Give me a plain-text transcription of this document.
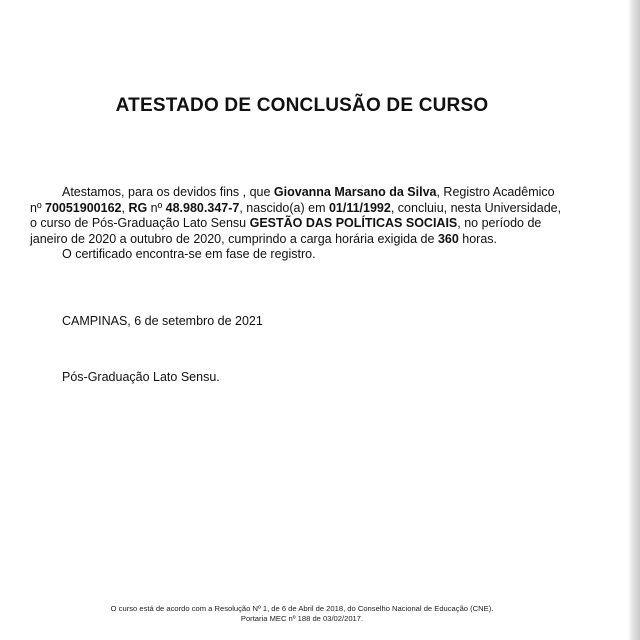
ATESTADO DE CONCLUSÃO DE CURSO
Atestamos, para os devidos fins , que Giovanna Marsano da Silva, Registro Acadêmico
nº 70051900162, RG nº 48.980.347-7, nascido(a) em 01/11/1992, concluiu, nesta Universidade,
o curso de Pós-Graduação Lato Sensu GESTÃO DAS POLÍTICAS SOCIAIS, no período de
janeiro de 2020 a outubro de 2020, cumprindo a carga horária exigida de 360 horas.
O certificado encontra-se em fase de registro.
CAMPINAS, 6 de setembro de 2021
Pós-Graduação Lato Sensu.
O curso está de acordo com a Resolução Nº 1, de 6 de Abril de 2018, do Conselho Nacional de Educação (CNE).
Portaria MEC nº 188 de 03/02/2017.
